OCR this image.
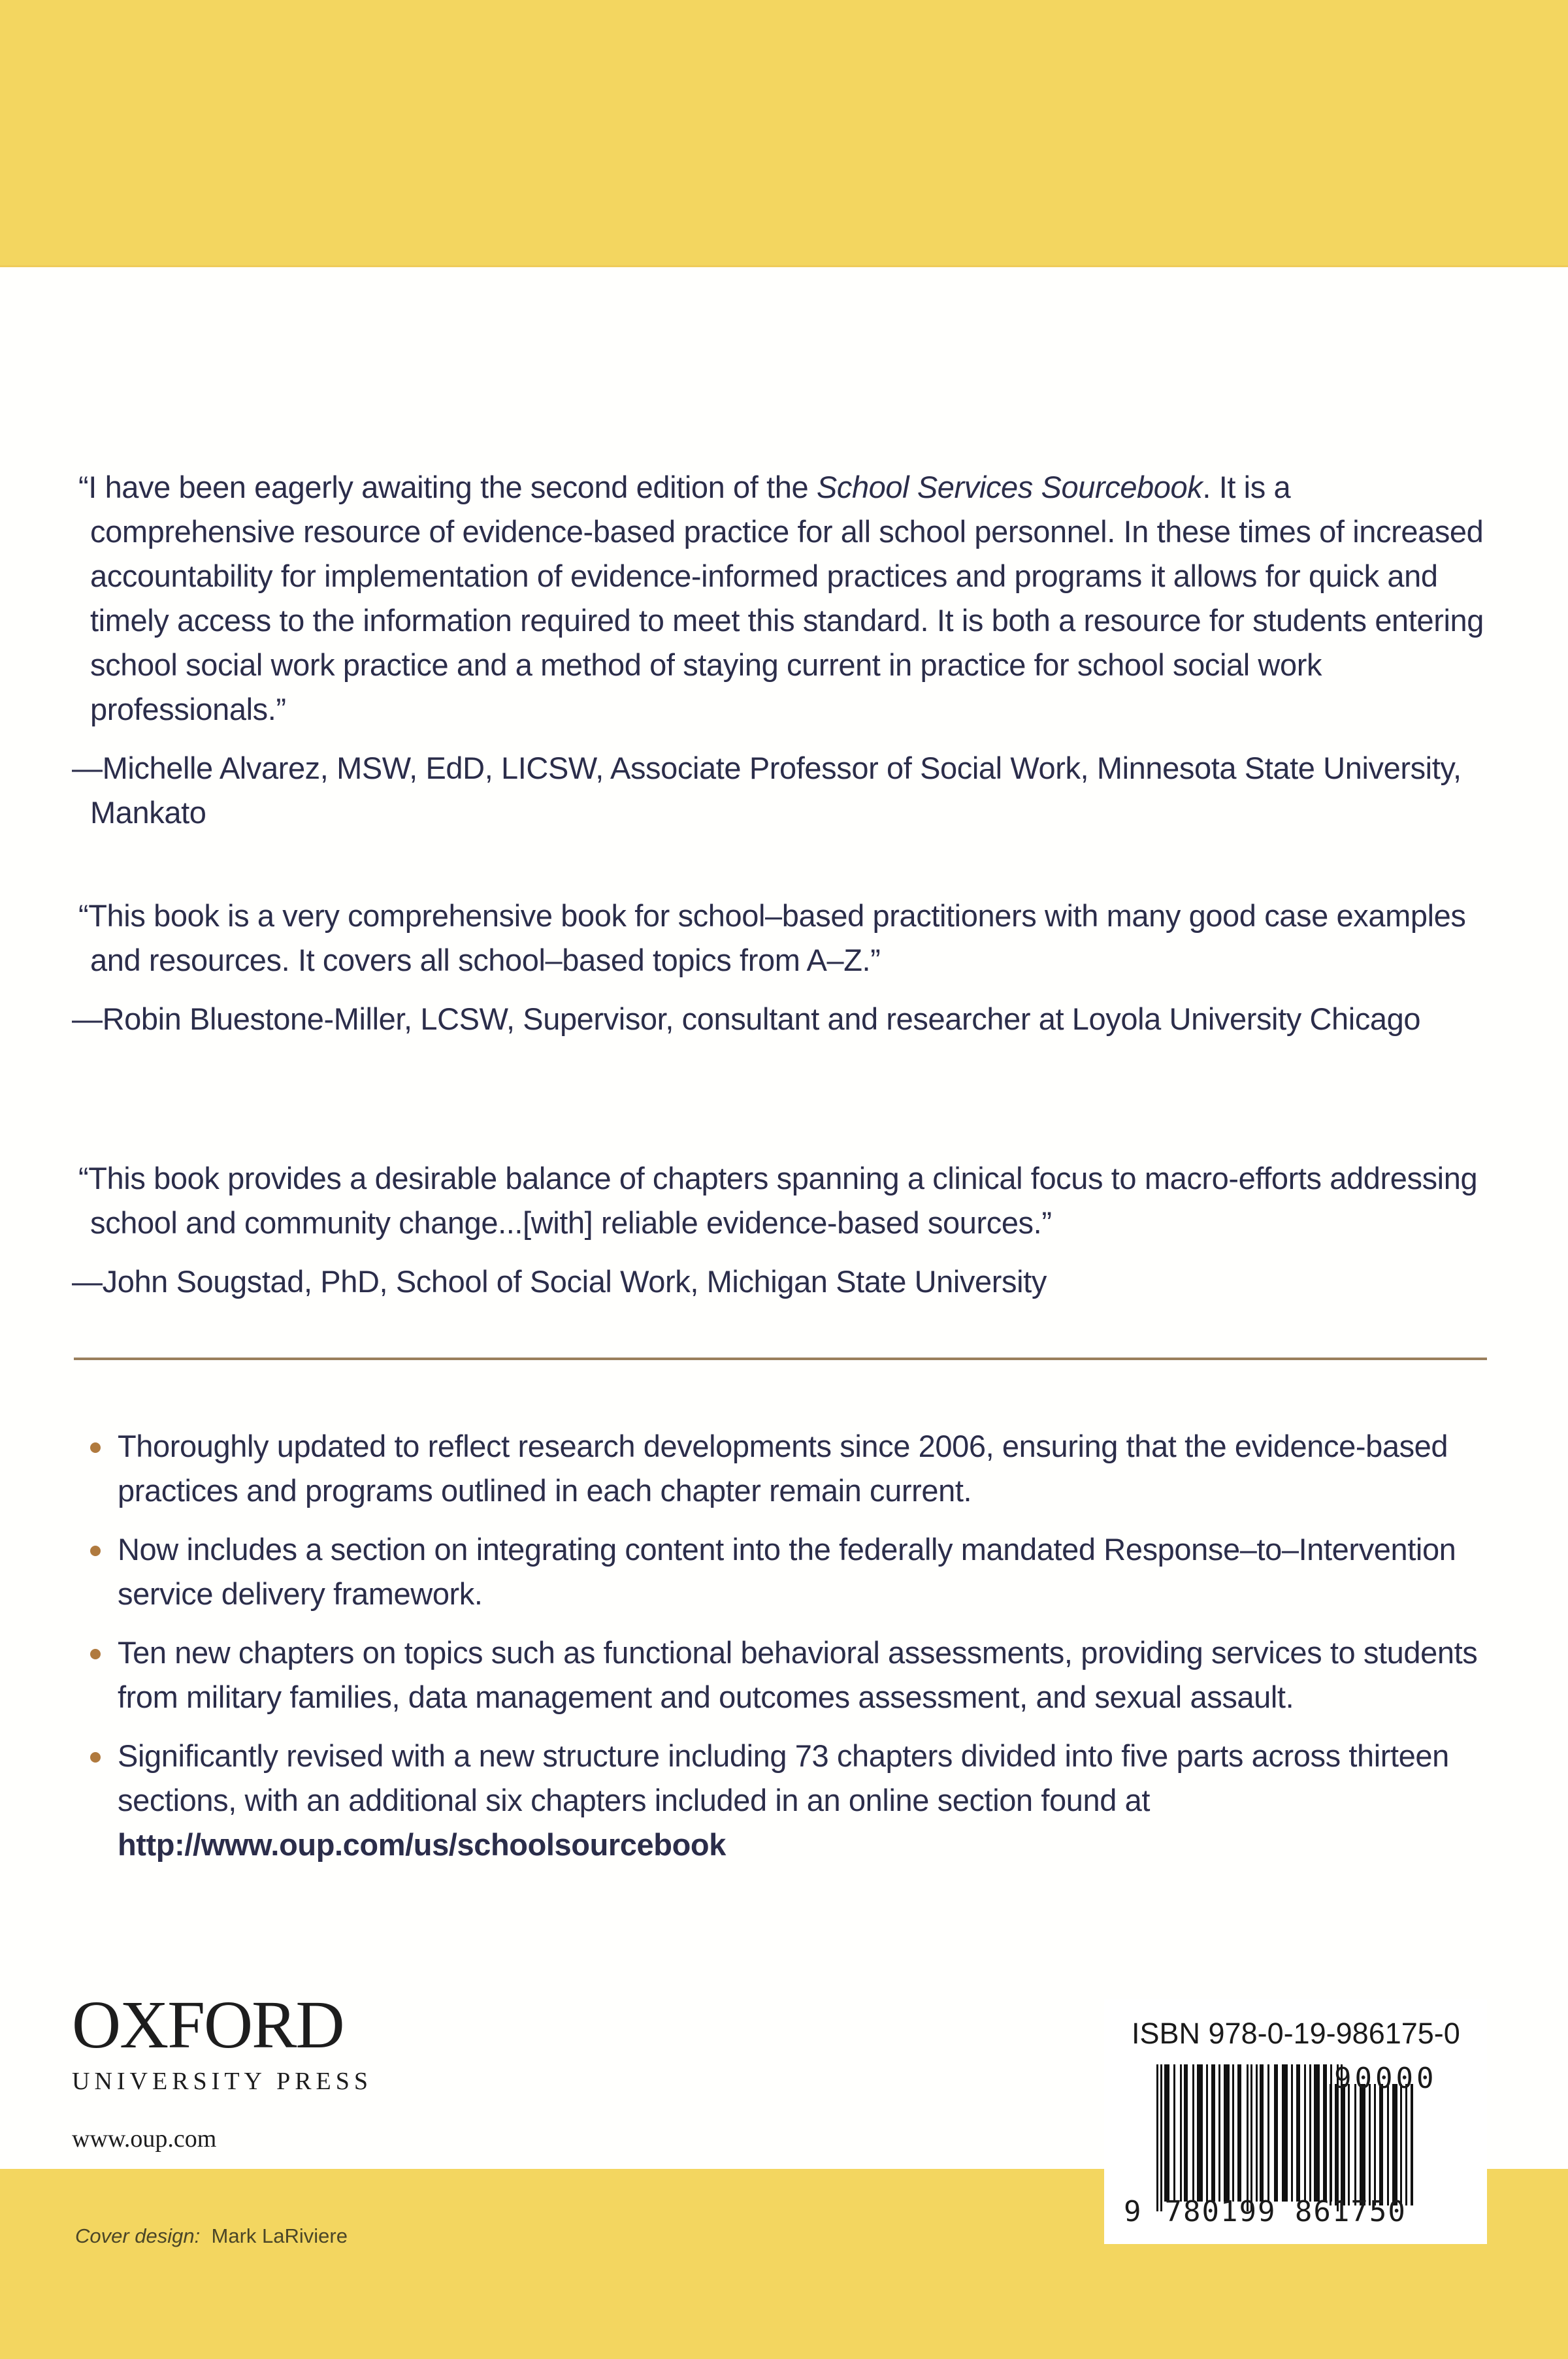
“I have been eagerly awaiting the second edition of the School Services Sourcebook. It is a comprehensive resource of evidence-based practice for all school personnel. In these times of increased accountability for implementation of evidence-informed practices and programs it allows for quick and timely access to the information required to meet this standard. It is both a resource for students entering school social work practice and a method of staying current in practice for school social work professionals.”

—Michelle Alvarez, MSW, EdD, LICSW, Associate Professor of Social Work, Minnesota State University, Mankato

“This book is a very comprehensive book for school–based practitioners with many good case examples and resources. It covers all school–based topics from A–Z.”

—Robin Bluestone-Miller, LCSW, Supervisor, consultant and researcher at Loyola University Chicago

“This book provides a desirable balance of chapters spanning a clinical focus to macro-efforts addressing school and community change...[with] reliable evidence-based sources.”

—John Sougstad, PhD, School of Social Work, Michigan State University

Thoroughly updated to reflect research developments since 2006, ensuring that the evidence-based practices and programs outlined in each chapter remain current.
Now includes a section on integrating content into the federally mandated Response–to–Intervention service delivery framework.
Ten new chapters on topics such as functional behavioral assessments, providing services to students from military families, data management and outcomes assessment, and sexual assault.
Significantly revised with a new structure including 73 chapters divided into five parts across thirteen sections, with an additional six chapters included in an online section found at http://www.oup.com/us/schoolsourcebook
OXFORD
UNIVERSITY PRESS
www.oup.com
Cover design: Mark LaRiviere
ISBN 978-0-19-986175-0
9 780199 861750
90000
